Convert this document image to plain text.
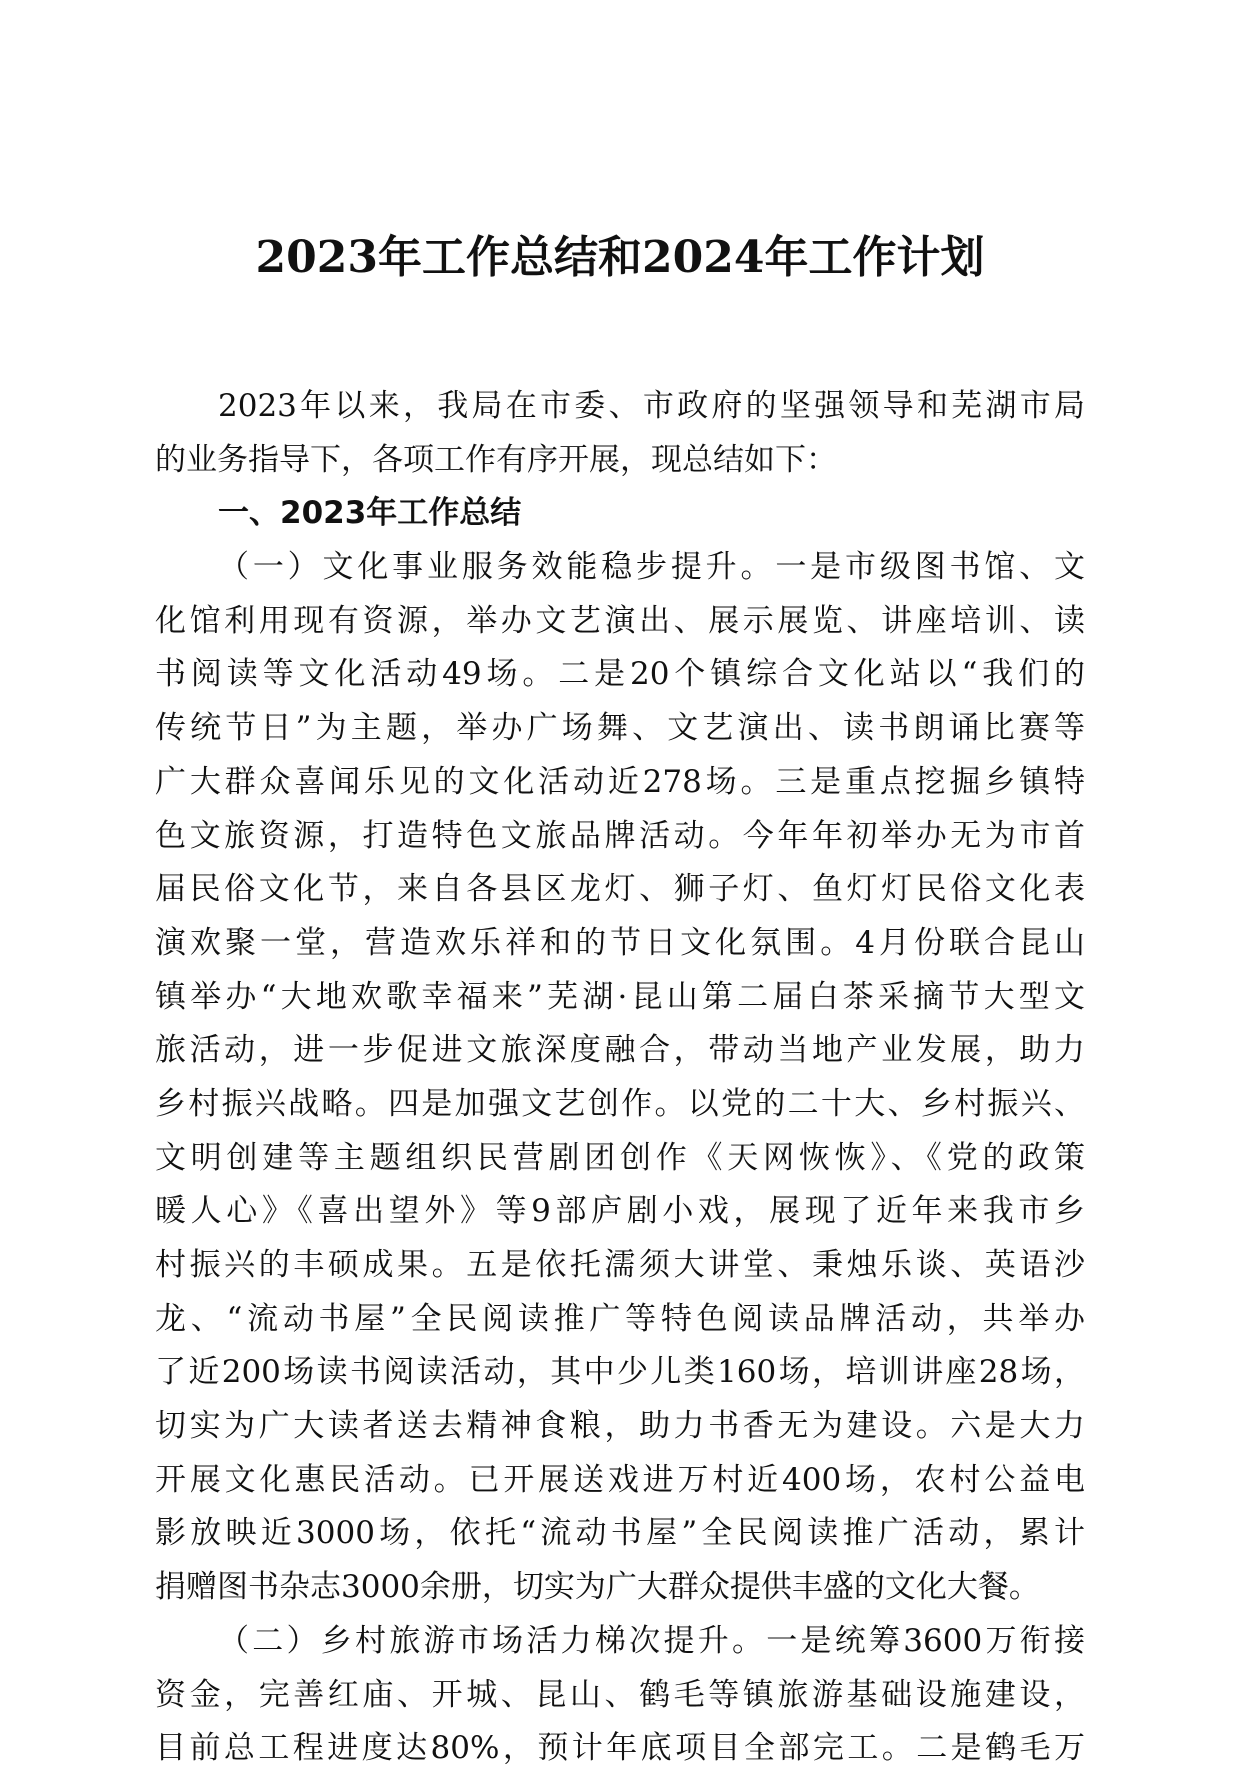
2023年工作总结和2024年工作计划
2023年以来，我局在市委、市政府的坚强领导和芜湖市局
的业务指导下，各项工作有序开展，现总结如下：
一、2023年工作总结
（一）文化事业服务效能稳步提升。一是市级图书馆、文
化馆利用现有资源，举办文艺演出、展示展览、讲座培训、读
书阅读等文化活动49场。二是20个镇综合文化站以“我们的
传统节日”为主题，举办广场舞、文艺演出、读书朗诵比赛等
广大群众喜闻乐见的文化活动近278场。三是重点挖掘乡镇特
色文旅资源，打造特色文旅品牌活动。今年年初举办无为市首
届民俗文化节，来自各县区龙灯、狮子灯、鱼灯灯民俗文化表
演欢聚一堂，营造欢乐祥和的节日文化氛围。4月份联合昆山
镇举办“大地欢歌幸福来”芜湖·昆山第二届白茶采摘节大型文
旅活动，进一步促进文旅深度融合，带动当地产业发展，助力
乡村振兴战略。四是加强文艺创作。以党的二十大、乡村振兴、
文明创建等主题组织民营剧团创作《天网恢恢》、《党的政策
暖人心》《喜出望外》等9部庐剧小戏，展现了近年来我市乡
村振兴的丰硕成果。五是依托濡须大讲堂、秉烛乐谈、英语沙
龙、“流动书屋”全民阅读推广等特色阅读品牌活动，共举办
了近200场读书阅读活动，其中少儿类160场，培训讲座28场，
切实为广大读者送去精神食粮，助力书香无为建设。六是大力
开展文化惠民活动。已开展送戏进万村近400场，农村公益电
影放映近3000场，依托“流动书屋”全民阅读推广活动，累计
捐赠图书杂志3000余册，切实为广大群众提供丰盛的文化大餐。
（二）乡村旅游市场活力梯次提升。一是统筹3600万衔接
资金，完善红庙、开城、昆山、鹤毛等镇旅游基础设施建设，
目前总工程进度达80%，预计年底项目全部完工。二是鹤毛万
